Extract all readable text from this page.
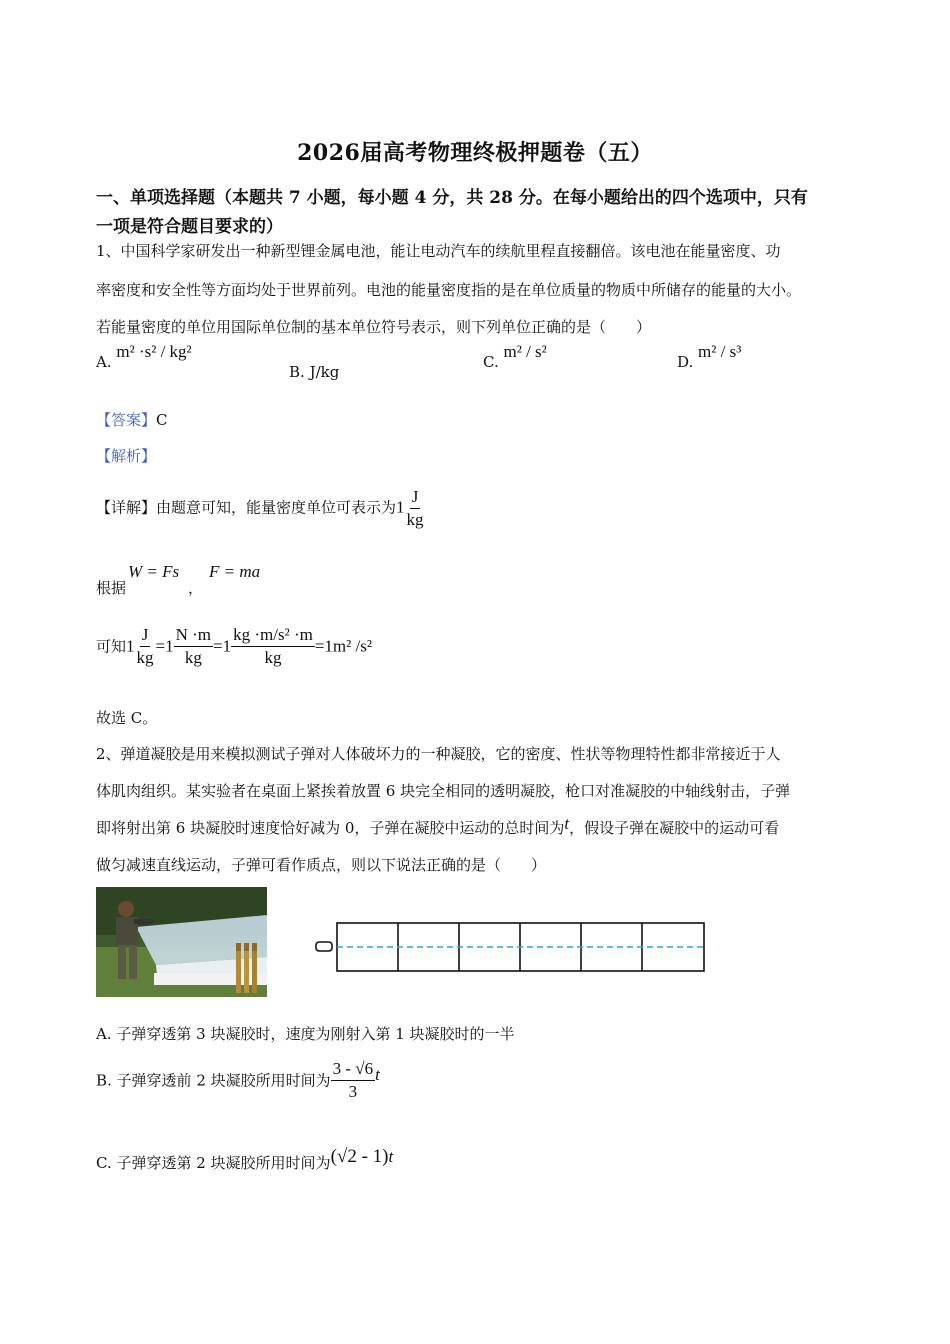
2026届高考物理终极押题卷（五）
一、单项选择题（本题共 7 小题，每小题 4 分，共 28 分。在每小题给出的四个选项中，只有
一项是符合题目要求的）
1、中国科学家研发出一种新型锂金属电池，能让电动汽车的续航里程直接翻倍。该电池在能量密度、功
率密度和安全性等方面均处于世界前列。电池的能量密度指的是在单位质量的物质中所储存的能量的大小。
若能量密度的单位用国际单位制的基本单位符号表示，则下列单位正确的是（　　）
A. m² ·s² / kg²
B. J/kg
C. m² / s²
D. m² / s³
【答案】C
【解析】
【详解】由题意可知，能量密度单位可表示为$1 \frac{J}{kg}$
根据
W = Fs
，
F = ma
可知$1 \frac{J}{kg} =1 \frac{N \cdot m}{kg} =1 \frac{\text{kg ·m/s² ·m}}{kg} =1m^2$ /s²
故选 C。
2、弹道凝胶是用来模拟测试子弹对人体破坏力的一种凝胶，它的密度、性状等物理特性都非常接近于人
体肌肉组织。某实验者在桌面上紧挨着放置 6 块完全相同的透明凝胶，枪口对准凝胶的中轴线射击，子弹
即将射出第 6 块凝胶时速度恰好减为 0，子弹在凝胶中运动的总时间为t，假设子弹在凝胶中的运动可看
做匀减速直线运动，子弹可看作质点，则以下说法正确的是（　　）
A. 子弹穿透第 3 块凝胶时，速度为刚射入第 1 块凝胶时的一半
B. 子弹穿透前 2 块凝胶所用时间为 $\frac{3 - √6}{3}$ t
C. 子弹穿透第 2 块凝胶所用时间为(√2 - 1)t
